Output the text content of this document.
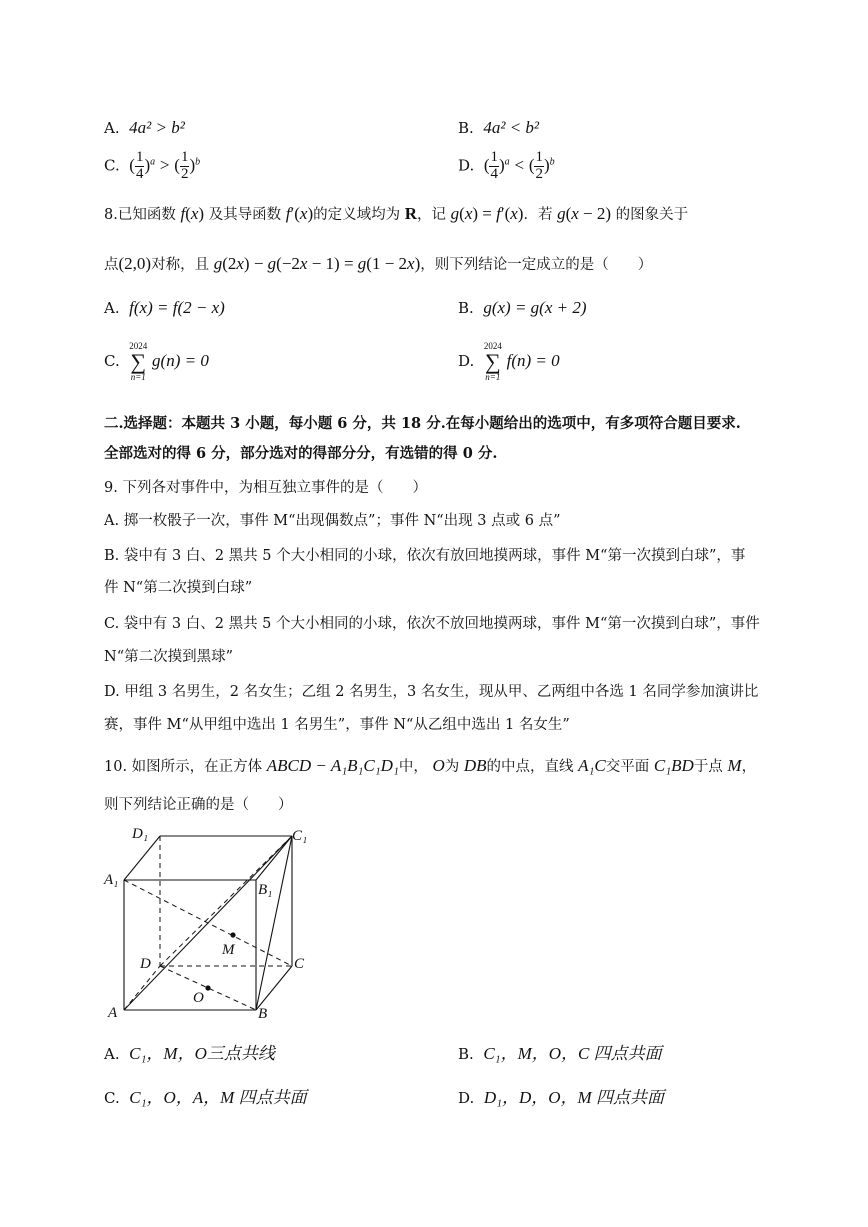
A. 4a² > b²	B. 4a² < b²
C. ( $\frac{1}{4} )^a$ > ( $\frac{1}{2} )^b$	D. ( $\frac{1}{4} )^a$ < ( $\frac{1}{2} )^b$
8.已知函数 f(x) 及其导函数 f′(x)的定义域均为 R，记 g(x) = f′(x)．若 g(x − 2) 的图象关于
点(2,0)对称，且 g(2x) − g(−2x − 1) = g(1 − 2x)，则下列结论一定成立的是（　　）
A. f(x) = f(2 − x)	B. g(x) = g(x + 2)
C.
2024
∑
n=1
g(n) = 0	D.
2024
∑
n=1
f(n) = 0
二.选择题：本题共 3 小题，每小题 6 分，共 18 分.在每小题给出的选项中，有多项符合题目要求.
全部选对的得 6 分，部分选对的得部分分，有选错的得 0 分.
9. 下列各对事件中，为相互独立事件的是（　　）
A. 掷一枚骰子一次，事件 M“出现偶数点”；事件 N“出现 3 点或 6 点”
B. 袋中有 3 白、2 黑共 5 个大小相同的小球，依次有放回地摸两球，事件 M“第一次摸到白球”，事
件 N“第二次摸到白球”
C. 袋中有 3 白、2 黑共 5 个大小相同的小球，依次不放回地摸两球，事件 M“第一次摸到白球”，事件
N“第二次摸到黑球”
D. 甲组 3 名男生，2 名女生；乙组 2 名男生，3 名女生，现从甲、乙两组中各选 1 名同学参加演讲比
赛，事件 M“从甲组中选出 1 名男生”，事件 N“从乙组中选出 1 名女生”
10. 如图所示，在正方体 ABCD − A₁B₁C₁D₁中， O为 DB的中点，直线 A₁C交平面 C₁BD于点 M，
则下列结论正确的是（　　）
D₁	C₁
A₁
B₁
D	C
A	B
O
M
A. C₁，M，O三点共线	B. C₁，M，O，C 四点共面
C. C₁，O，A，M 四点共面	D. D₁，D，O，M 四点共面
